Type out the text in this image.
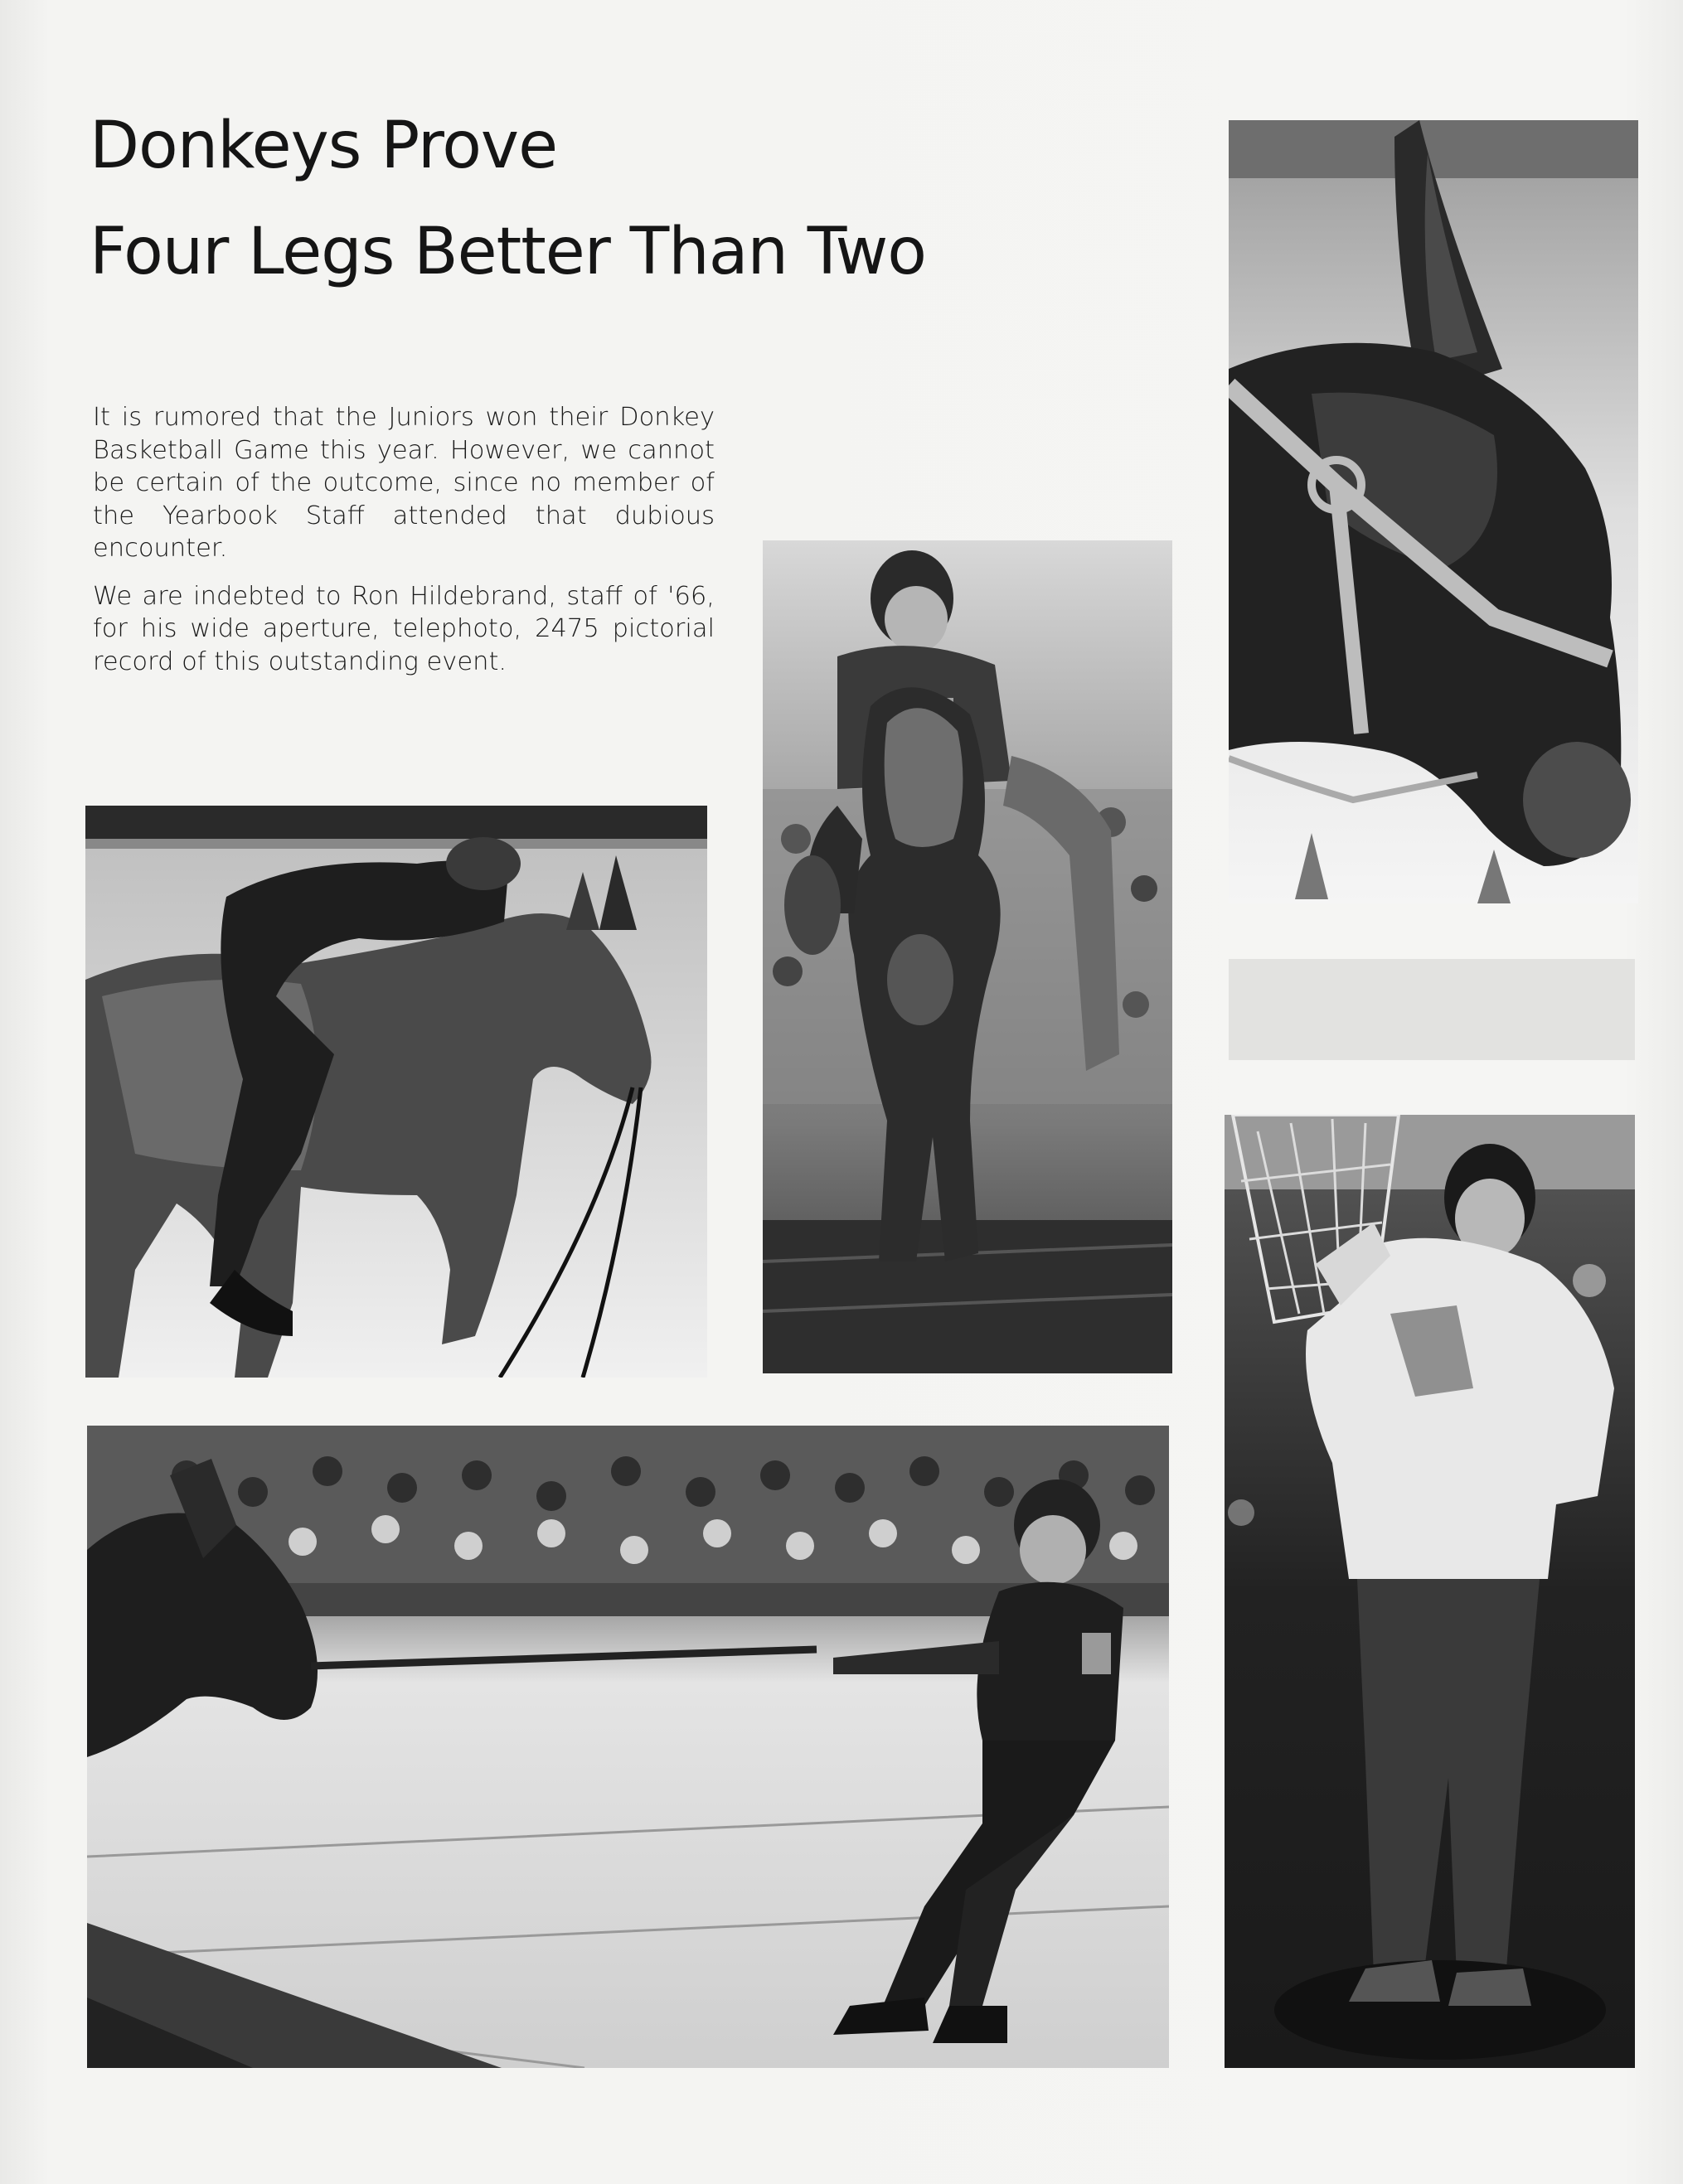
Donkeys Prove
Four Legs Better Than Two

It is rumored that the Juniors won their Donkey Basketball Game this year. However, we cannot be certain of the outcome, since no member of the Yearbook Staff attended that dubious encounter.

We are indebted to Ron Hildebrand, staff of '66, for his wide aperture, telephoto, 2475 pictorial record of this outstanding event.
